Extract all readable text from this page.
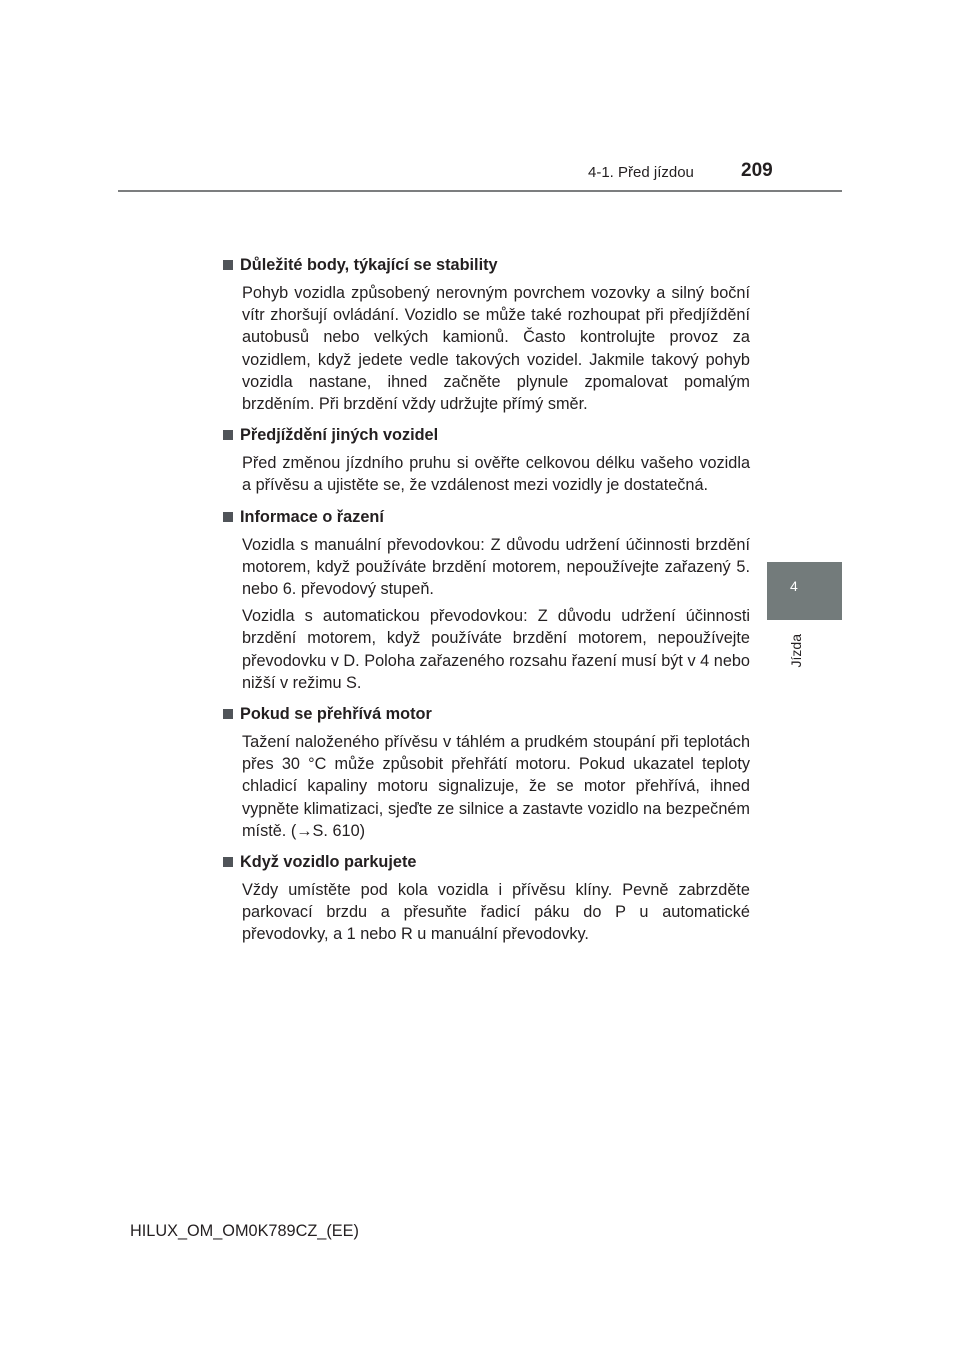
4-1. Před jízdou 209
4
Jízda
Důležité body, týkající se stability

Pohyb vozidla způsobený nerovným povrchem vozovky a silný boční vítr zhoršují ovládání. Vozidlo se může také rozhoupat při předjíždění autobusů nebo velkých kamionů. Často kontrolujte provoz za vozidlem, když jedete vedle takových vozidel. Jakmile takový pohyb vozidla nastane, ihned začněte plynule zpomalovat pomalým brzděním. Při brzdění vždy udržujte přímý směr.

Předjíždění jiných vozidel

Před změnou jízdního pruhu si ověřte celkovou délku vašeho vozidla a přívěsu a ujistěte se, že vzdálenost mezi vozidly je dostatečná.

Informace o řazení

Vozidla s manuální převodovkou: Z důvodu udržení účinnosti brzdění motorem, když používáte brzdění motorem, nepoužívejte zařazený 5. nebo 6. převodový stupeň.

Vozidla s automatickou převodovkou: Z důvodu udržení účinnosti brzdění motorem, když používáte brzdění motorem, nepoužívejte převodovku v D. Poloha zařazeného rozsahu řazení musí být v 4 nebo nižší v režimu S.

Pokud se přehřívá motor

Tažení naloženého přívěsu v táhlém a prudkém stoupání při teplotách přes 30 °C může způsobit přehřátí motoru. Pokud ukazatel teploty chladicí kapaliny motoru signalizuje, že se motor přehřívá, ihned vypněte klimatizaci, sjeďte ze silnice a zastavte vozidlo na bezpečném místě. (→S. 610)

Když vozidlo parkujete

Vždy umístěte pod kola vozidla i přívěsu klíny. Pevně zabrzděte parkovací brzdu a přesuňte řadicí páku do P u automatické převodovky, a 1 nebo R u manuální převodovky.

HILUX_OM_OM0K789CZ_(EE)
